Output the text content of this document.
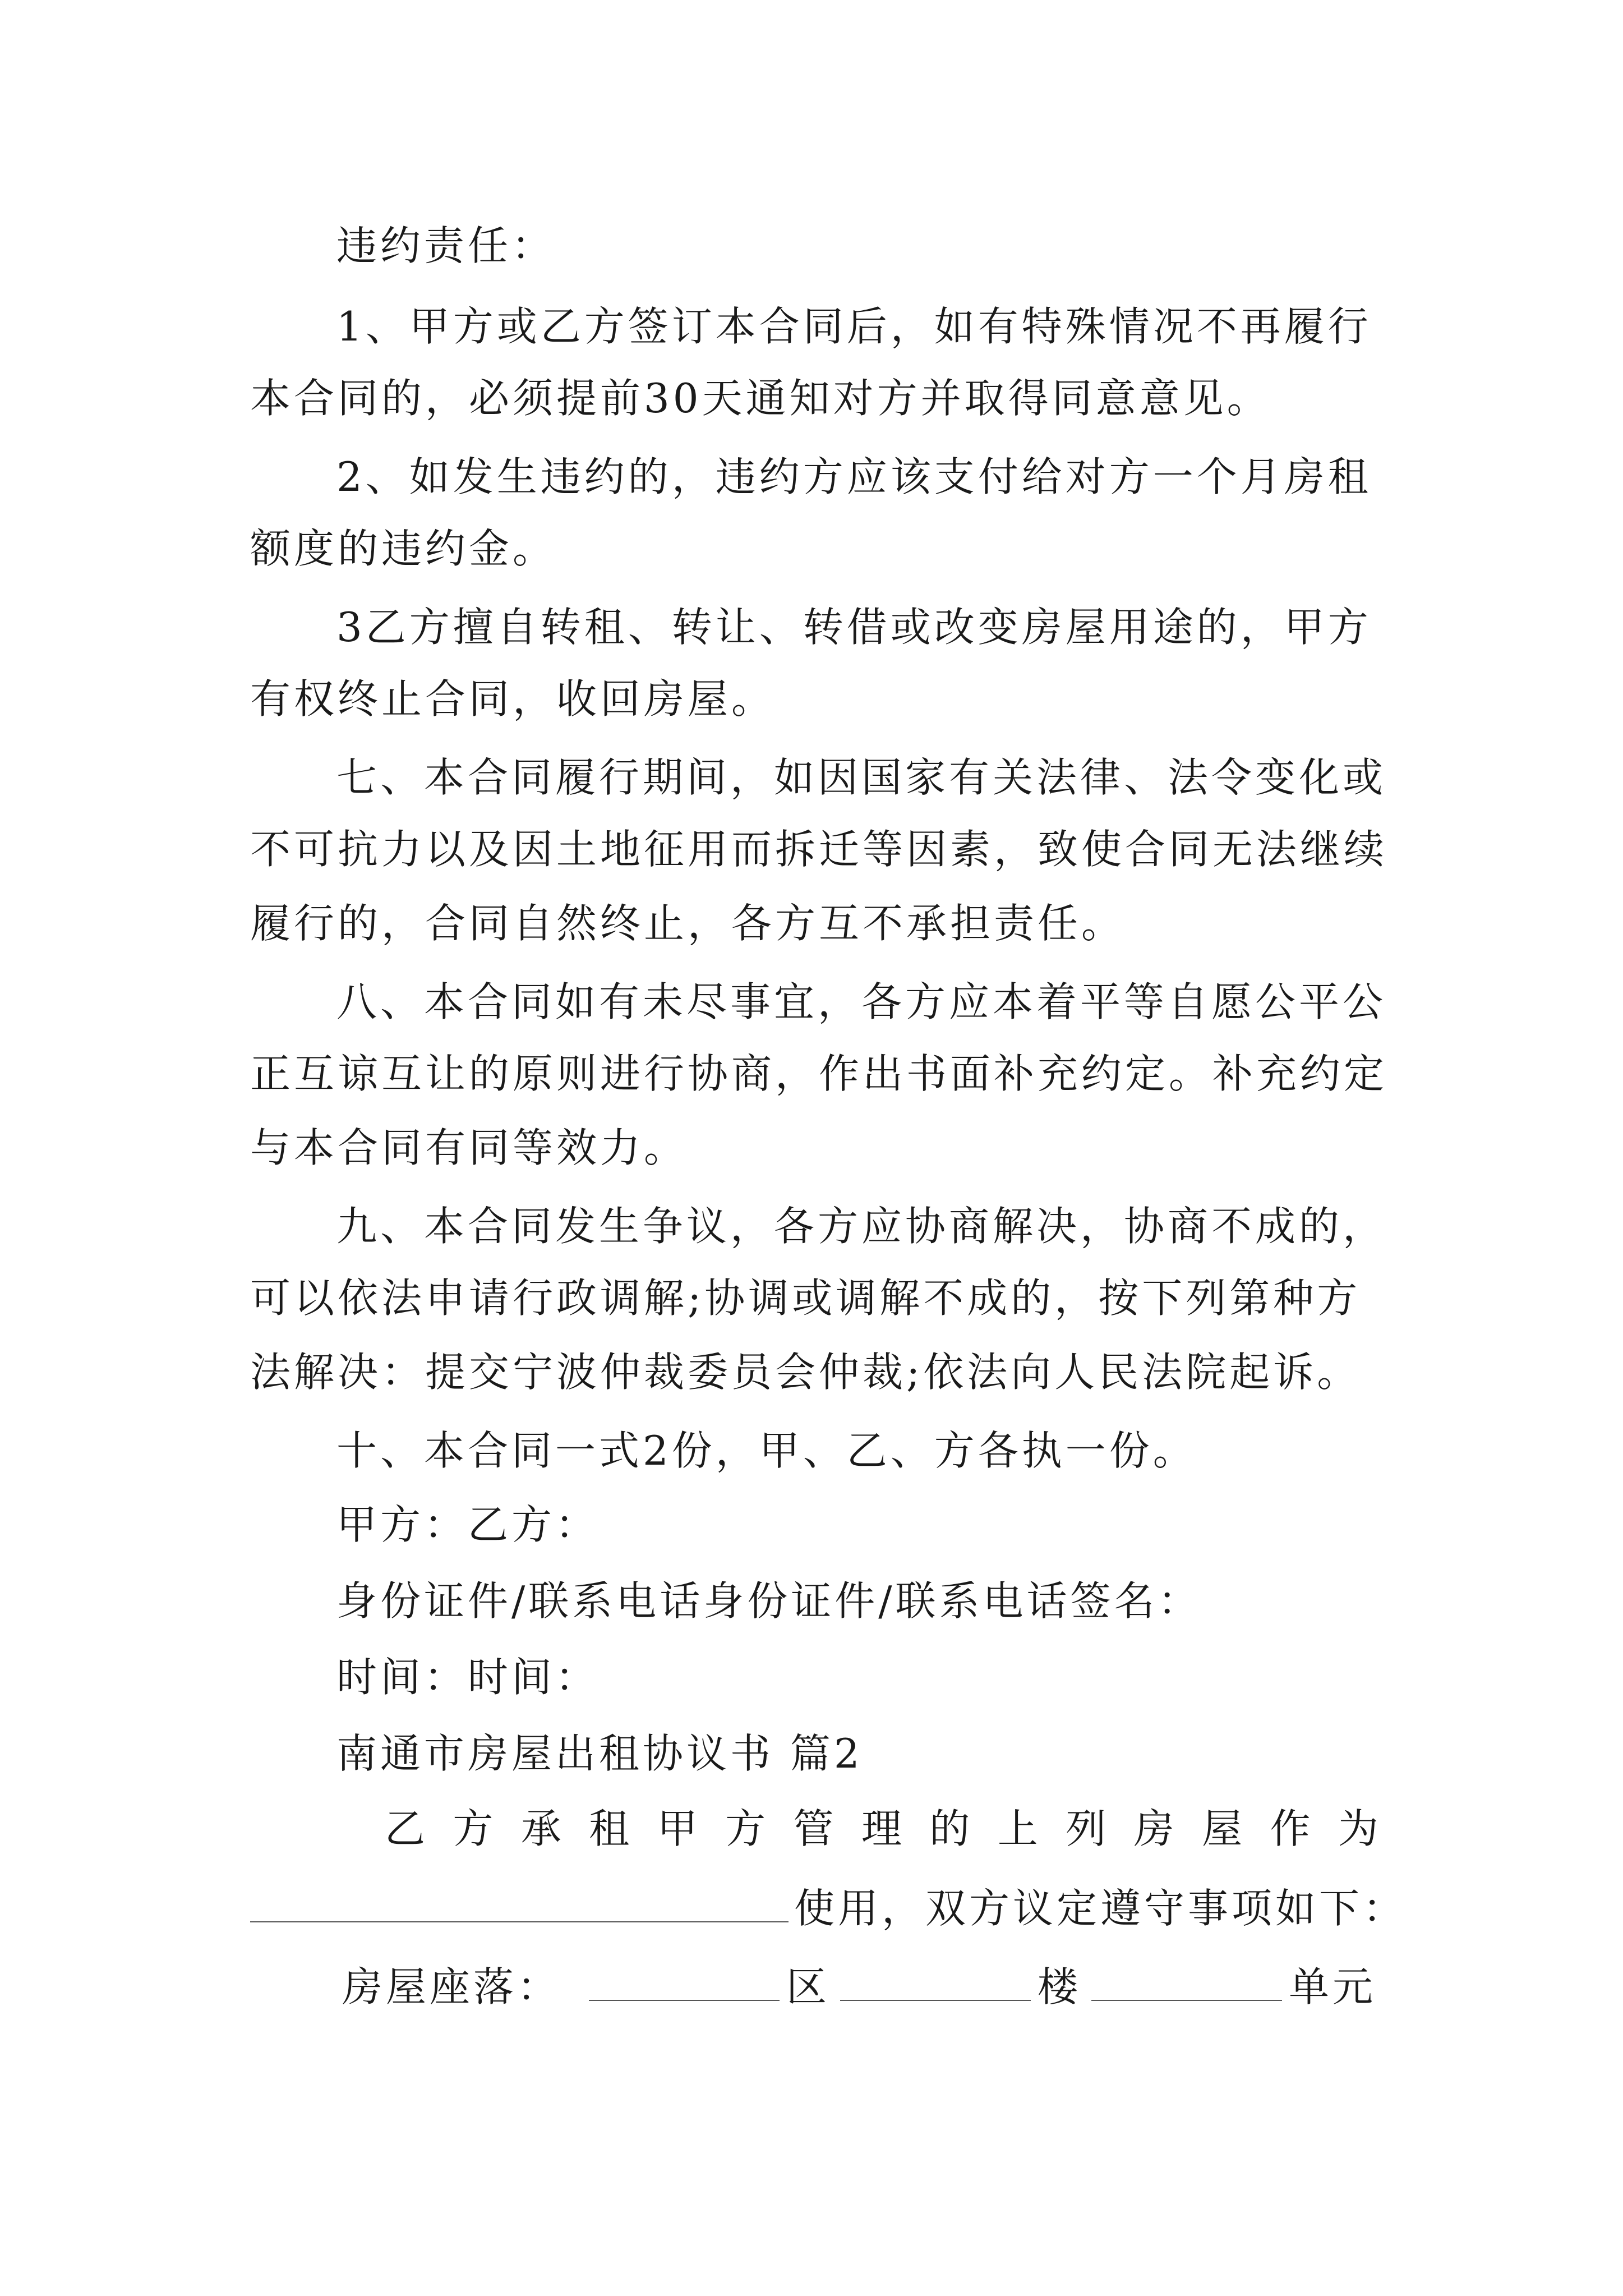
违约责任：
1、甲方或乙方签订本合同后，如有特殊情况不再履行
本合同的，必须提前30天通知对方并取得同意意见。
2、如发生违约的，违约方应该支付给对方一个月房租
额度的违约金。
3乙方擅自转租、转让、转借或改变房屋用途的，甲方
有权终止合同，收回房屋。
七、本合同履行期间，如因国家有关法律、法令变化或
不可抗力以及因土地征用而拆迁等因素，致使合同无法继续
履行的，合同自然终止，各方互不承担责任。
八、本合同如有未尽事宜，各方应本着平等自愿公平公
正互谅互让的原则进行协商，作出书面补充约定。补充约定
与本合同有同等效力。
九、本合同发生争议，各方应协商解决，协商不成的，
可以依法申请行政调解;协调或调解不成的，按下列第种方
法解决：提交宁波仲裁委员会仲裁;依法向人民法院起诉。
十、本合同一式2份，甲、乙、方各执一份。
甲方：乙方：
身份证件/联系电话身份证件/联系电话签名：
时间：时间：
南通市房屋出租协议书 篇2
乙 方 承 租 甲 方 管 理 的 上 列 房 屋 作 为
使用，双方议定遵守事项如下：
房屋座落：	区	楼	单元
